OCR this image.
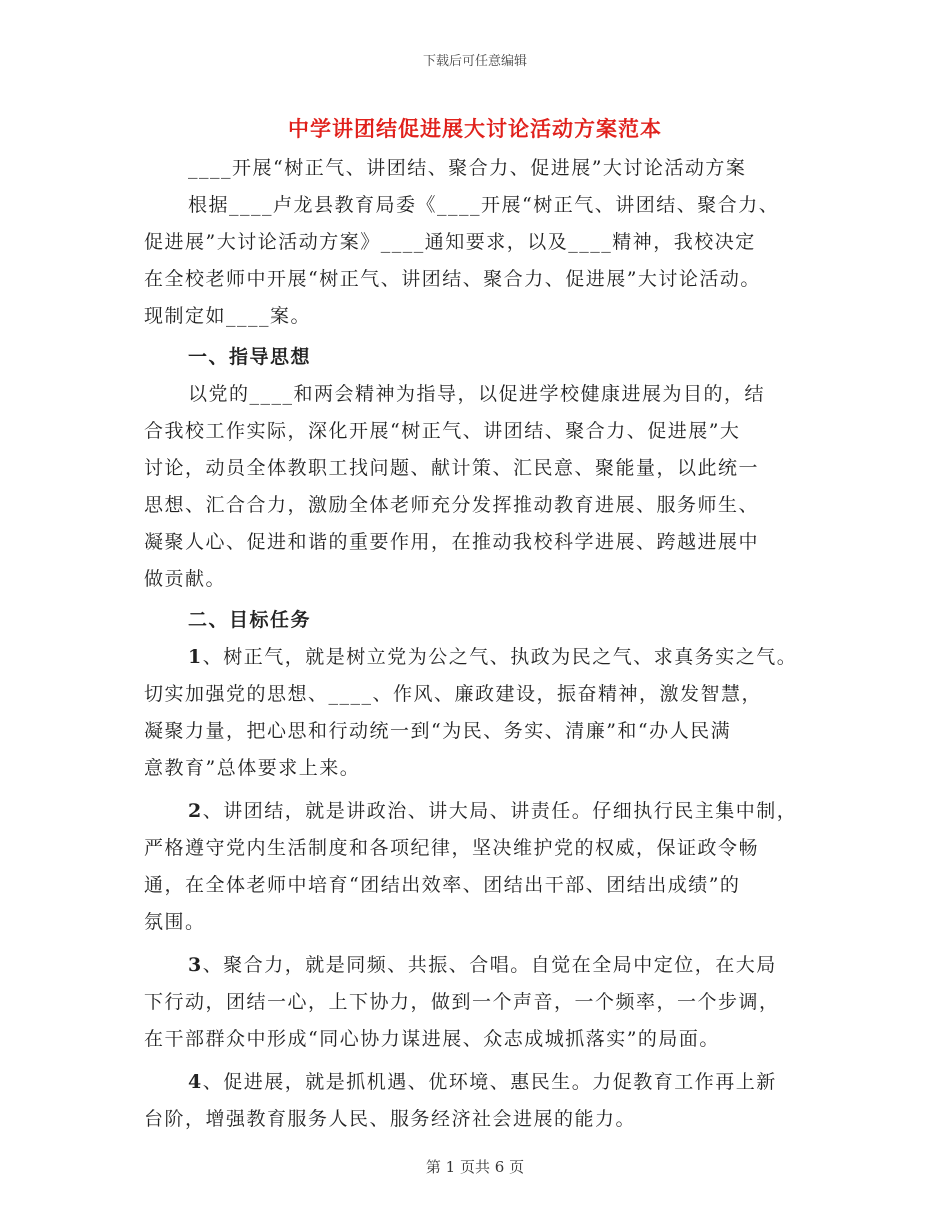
下载后可任意编辑
中学讲团结促进展大讨论活动方案范本

____开展“树正气、讲团结、聚合力、促进展”大讨论活动方案

根据____卢龙县教育局委《____开展“树正气、讲团结、聚合力、

促进展”大讨论活动方案》____通知要求，以及____精神，我校决定

在全校老师中开展“树正气、讲团结、聚合力、促进展”大讨论活动。

现制定如____案。

一、指导思想

以党的____和两会精神为指导，以促进学校健康进展为目的，结

合我校工作实际，深化开展“树正气、讲团结、聚合力、促进展”大

讨论，动员全体教职工找问题、献计策、汇民意、聚能量，以此统一

思想、汇合合力，激励全体老师充分发挥推动教育进展、服务师生、

凝聚人心、促进和谐的重要作用，在推动我校科学进展、跨越进展中

做贡献。

二、目标任务

1、树正气，就是树立党为公之气、执政为民之气、求真务实之气。

切实加强党的思想、____、作风、廉政建设，振奋精神，激发智慧，

凝聚力量，把心思和行动统一到“为民、务实、清廉”和“办人民满

意教育”总体要求上来。

2、讲团结，就是讲政治、讲大局、讲责任。仔细执行民主集中制，

严格遵守党内生活制度和各项纪律，坚决维护党的权威，保证政令畅

通，在全体老师中培育“团结出效率、团结出干部、团结出成绩”的

氛围。

3、聚合力，就是同频、共振、合唱。自觉在全局中定位，在大局

下行动，团结一心，上下协力，做到一个声音，一个频率，一个步调，

在干部群众中形成“同心协力谋进展、众志成城抓落实”的局面。

4、促进展，就是抓机遇、优环境、惠民生。力促教育工作再上新

台阶，增强教育服务人民、服务经济社会进展的能力。

第 1 页共 6 页
